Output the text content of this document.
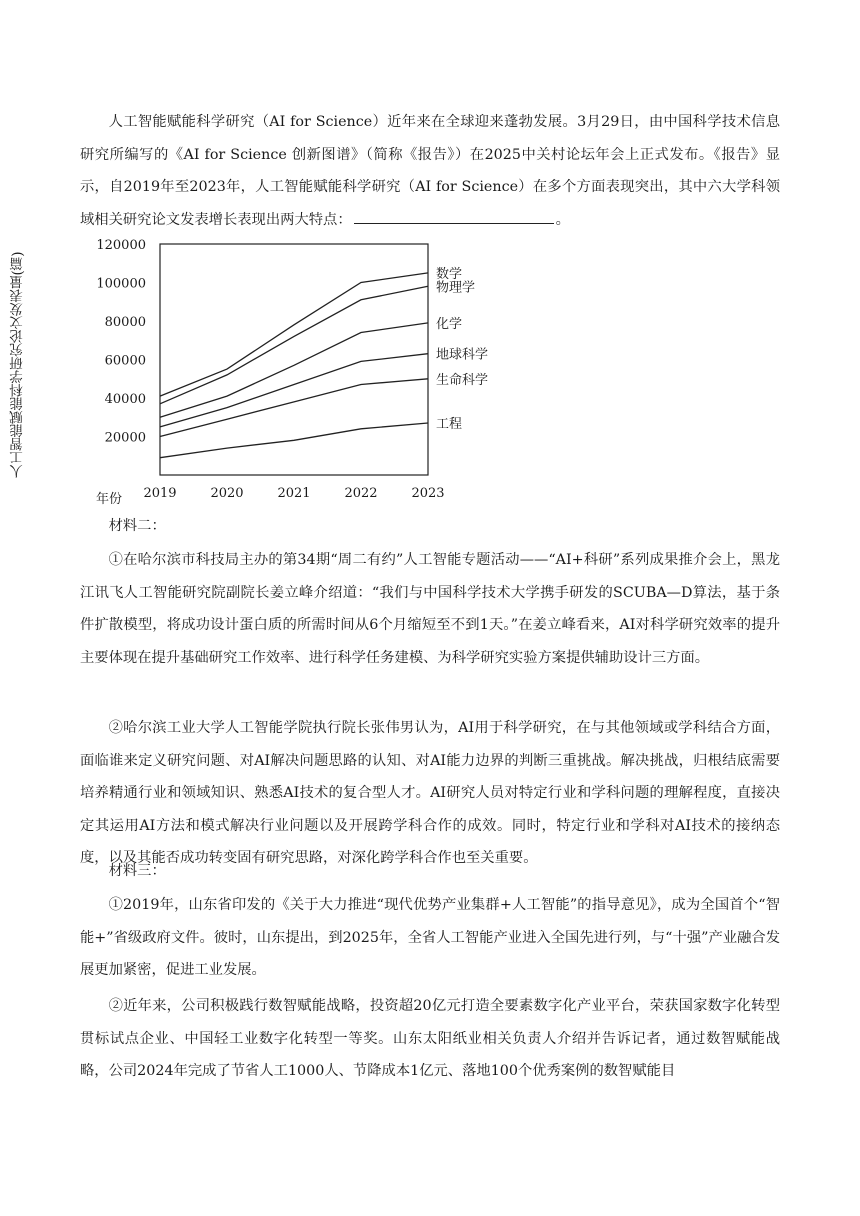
人工智能赋能科学研究（AI for Science）近年来在全球迎来蓬勃发展。3月29日，由中国科学技术信息研究所编写的《AI for Science 创新图谱》（简称《报告》）在2025中关村论坛年会上正式发布。《报告》显示，自2019年至2023年，人工智能赋能科学研究（AI for Science）在多个方面表现突出，其中六大学科领域相关研究论文发表增长表现出两大特点：	。

人工智能赋能科学研究论文发表量(篇)	20000
40000
60000
80000
100000
120000
2019	2020	2021	2022	2023
年份
数学
物理学
化学
地球科学
生命科学
工程

材料二：

①在哈尔滨市科技局主办的第34期“周二有约”人工智能专题活动——“AI+科研”系列成果推介会上，黑龙江讯飞人工智能研究院副院长姜立峰介绍道：“我们与中国科学技术大学携手研发的SCUBA—D算法，基于条件扩散模型，将成功设计蛋白质的所需时间从6个月缩短至不到1天。”在姜立峰看来，AI对科学研究效率的提升主要体现在提升基础研究工作效率、进行科学任务建模、为科学研究实验方案提供辅助设计三方面。

②哈尔滨工业大学人工智能学院执行院长张伟男认为，AI用于科学研究，在与其他领域或学科结合方面，面临谁来定义研究问题、对AI解决问题思路的认知、对AI能力边界的判断三重挑战。解决挑战，归根结底需要培养精通行业和领域知识、熟悉AI技术的复合型人才。AI研究人员对特定行业和学科问题的理解程度，直接决定其运用AI方法和模式解决行业问题以及开展跨学科合作的成效。同时，特定行业和学科对AI技术的接纳态度，以及其能否成功转变固有研究思路，对深化跨学科合作也至关重要。

材料三：

①2019年，山东省印发的《关于大力推进“现代优势产业集群+人工智能”的指导意见》，成为全国首个“智能+”省级政府文件。彼时，山东提出，到2025年，全省人工智能产业进入全国先进行列，与“十强”产业融合发展更加紧密，促进工业发展。

②近年来，公司积极践行数智赋能战略，投资超20亿元打造全要素数字化产业平台，荣获国家数字化转型贯标试点企业、中国轻工业数字化转型一等奖。山东太阳纸业相关负责人介绍并告诉记者，通过数智赋能战略，公司2024年完成了节省人工1000人、节降成本1亿元、落地100个优秀案例的数智赋能目
